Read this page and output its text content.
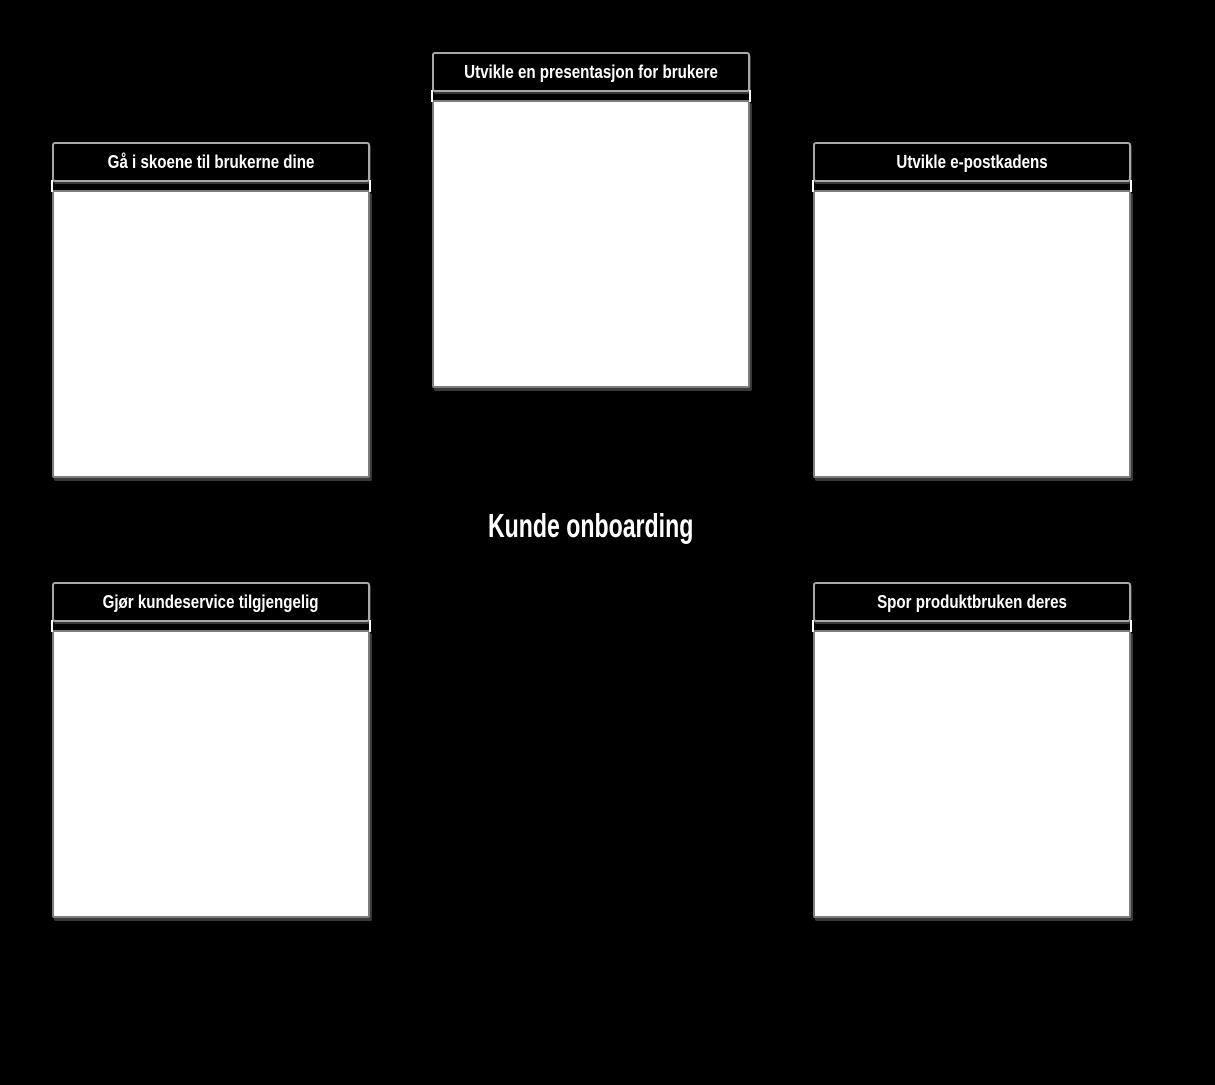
Utvikle en presentasjon for brukere
Gå i skoene til brukerne dine	Utvikle e-postkadens
Kunde onboarding
Gjør kundeservice tilgjengelig	Spor produktbruken deres
